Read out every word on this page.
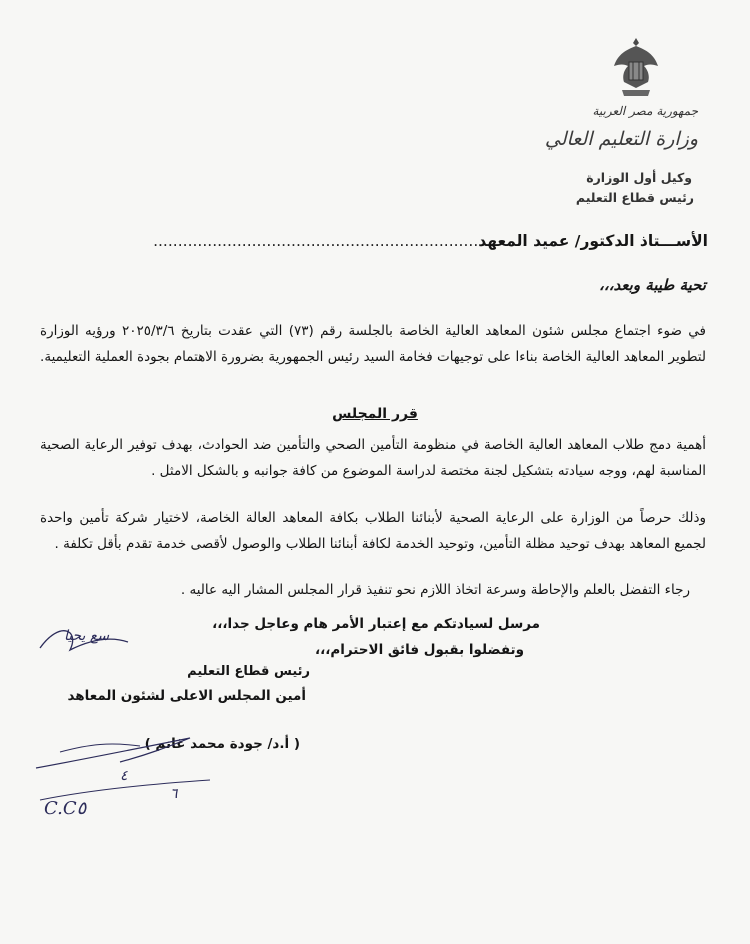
جمهورية مصر العربية
وزارة التعليم العالي
وكيل أول الوزارة
رئيس قطاع التعليم
الأســـتاذ الدكتور/ عميد المعهد..................................................................
تحية طيبة وبعد،،،
في ضوء اجتماع مجلس شئون المعاهد العالية الخاصة بالجلسة رقم (٧٣) التي عقدت بتاريخ ٢٠٢٥/٣/٦ ورؤيه الوزارة لتطوير المعاهد العالية الخاصة بناءا على توجيهات فخامة السيد رئيس الجمهورية بضرورة الاهتمام بجودة العملية التعليمية.
قرر المجلس
أهمية دمج طلاب المعاهد العالية الخاصة في منظومة التأمين الصحي والتأمين ضد الحوادث، بهدف توفير الرعاية الصحية المناسبة لهم، ووجه سيادته بتشكيل لجنة مختصة لدراسة الموضوع من كافة جوانبه و بالشكل الامثل .
وذلك حرصاً من الوزارة على الرعاية الصحية لأبنائنا الطلاب بكافة المعاهد العالة الخاصة، لاختيار شركة تأمين واحدة لجميع المعاهد بهدف توحيد مظلة التأمين، وتوحيد الخدمة لكافة أبنائنا الطلاب والوصول لأقصى خدمة تقدم بأقل تكلفة .
رجاء التفضل بالعلم والإحاطة وسرعة اتخاذ اللازم نحو تنفيذ قرار المجلس المشار اليه عاليه .
مرسل لسيادتكم مع إعتبار الأمر هام وعاجل جدا،،،
وتفضلوا بقبول فائق الاحترام،،،
رئيس قطاع التعليم
أمين المجلس الاعلى لشئون المعاهد
( أ.د/ جودة محمد غانم )
سع يحيا
٤
٦
C.C٥
